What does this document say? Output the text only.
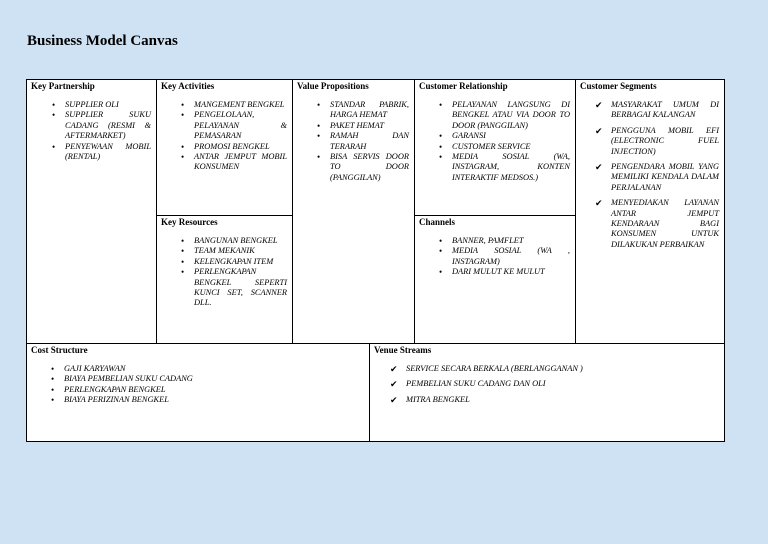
Business Model Canvas
Key Partnership
• SUPPLIER OLI
• SUPPLIER SUKU CADANG (RESMI & AFTERMARKET)
• PENYEWAAN MOBIL (RENTAL)
Key Activities
• MANGEMENT BENGKEL
• PENGELOLAAN, PELAYANAN & PEMASARAN
• PROMOSI BENGKEL
• ANTAR JEMPUT MOBIL KONSUMEN
Key Resources
• BANGUNAN BENGKEL
• TEAM MEKANIK
• KELENGKAPAN ITEM
• PERLENGKAPAN BENGKEL SEPERTI KUNCI SET, SCANNER DLL.
Value Propositions
• STANDAR PABRIK, HARGA HEMAT
• PAKET HEMAT
• RAMAH DAN TERARAH
• BISA SERVIS DOOR TO DOOR (PANGGILAN)
Customer Relationship
• PELAYANAN LANGSUNG DI BENGKEL ATAU VIA DOOR TO DOOR (PANGGILAN)
• GARANSI
• CUSTOMER SERVICE
• MEDIA SOSIAL (WA, INSTAGRAM, KONTEN INTERAKTIF MEDSOS.)
Channels
• BANNER, PAMFLET
• MEDIA SOSIAL (WA , INSTAGRAM)
• DARI MULUT KE MULUT
Customer Segments
✔ MASYARAKAT UMUM DI BERBAGAI KALANGAN
✔ PENGGUNA MOBIL EFI (ELECTRONIC FUEL INJECTION)
✔ PENGENDARA MOBIL YANG MEMILIKI KENDALA DALAM PERJALANAN
✔ MENYEDIAKAN LAYANAN ANTAR JEMPUT KENDARAAN BAGI KONSUMEN UNTUK DILAKUKAN PERBAIKAN
Cost Structure
• GAJI KARYAWAN
• BIAYA PEMBELIAN SUKU CADANG
• PERLENGKAPAN BENGKEL
• BIAYA PERIZINAN BENGKEL
Venue Streams
✔ SERVICE SECARA BERKALA (BERLANGGANAN )
✔ PEMBELIAN SUKU CADANG DAN OLI
✔ MITRA BENGKEL
